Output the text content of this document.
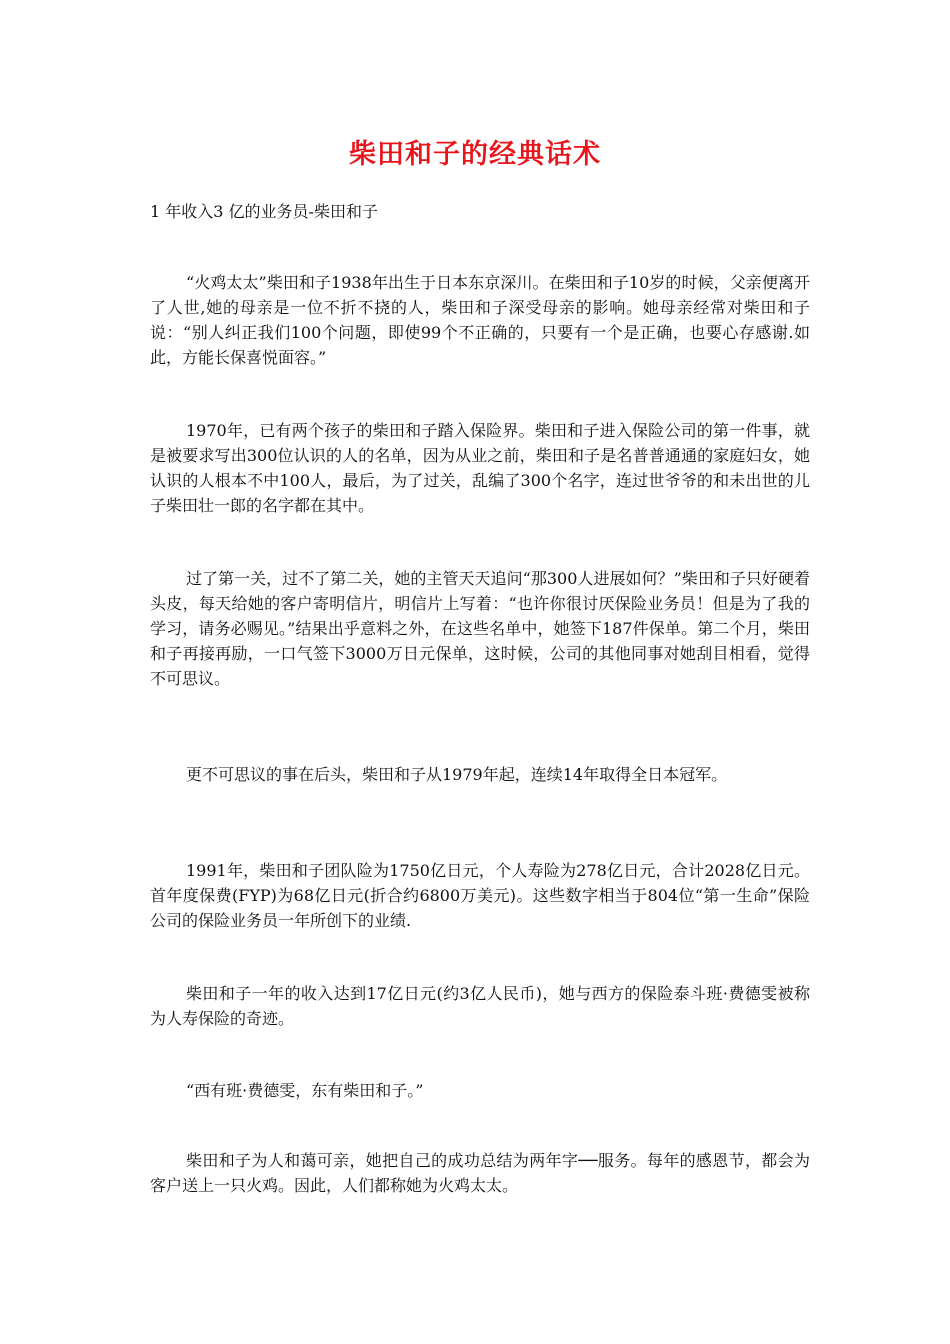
柴田和子的经典话术
1 年收入3 亿的业务员-柴田和子
“火鸡太太”柴田和子1938年出生于日本东京深川。在柴田和子10岁的时候，父亲便离开了人世,她的母亲是一位不折不挠的人，柴田和子深受母亲的影响。她母亲经常对柴田和子说：“别人纠正我们100个问题，即使99个不正确的，只要有一个是正确，也要心存感谢.如此，方能长保喜悦面容。”
1970年，已有两个孩子的柴田和子踏入保险界。柴田和子进入保险公司的第一件事，就是被要求写出300位认识的人的名单，因为从业之前，柴田和子是名普普通通的家庭妇女，她认识的人根本不中100人，最后，为了过关，乱编了300个名字，连过世爷爷的和未出世的儿子柴田壮一郎的名字都在其中。
过了第一关，过不了第二关，她的主管天天追问“那300人进展如何？”柴田和子只好硬着头皮，每天给她的客户寄明信片，明信片上写着：“也许你很讨厌保险业务员！但是为了我的学习，请务必赐见。”结果出乎意料之外，在这些名单中，她签下187件保单。第二个月，柴田和子再接再励，一口气签下3000万日元保单，这时候，公司的其他同事对她刮目相看，觉得不可思议。
更不可思议的事在后头，柴田和子从1979年起，连续14年取得全日本冠军。
1991年，柴田和子团队险为1750亿日元，个人寿险为278亿日元，合计2028亿日元。首年度保费(FYP)为68亿日元(折合约6800万美元)。这些数字相当于804位“第一生命”保险公司的保险业务员一年所创下的业绩.
柴田和子一年的收入达到17亿日元(约3亿人民币)，她与西方的保险泰斗班·费德雯被称为人寿保险的奇迹。
“西有班·费德雯，东有柴田和子。”
柴田和子为人和蔼可亲，她把自己的成功总结为两年字──服务。每年的感恩节，都会为客户送上一只火鸡。因此，人们都称她为火鸡太太。
